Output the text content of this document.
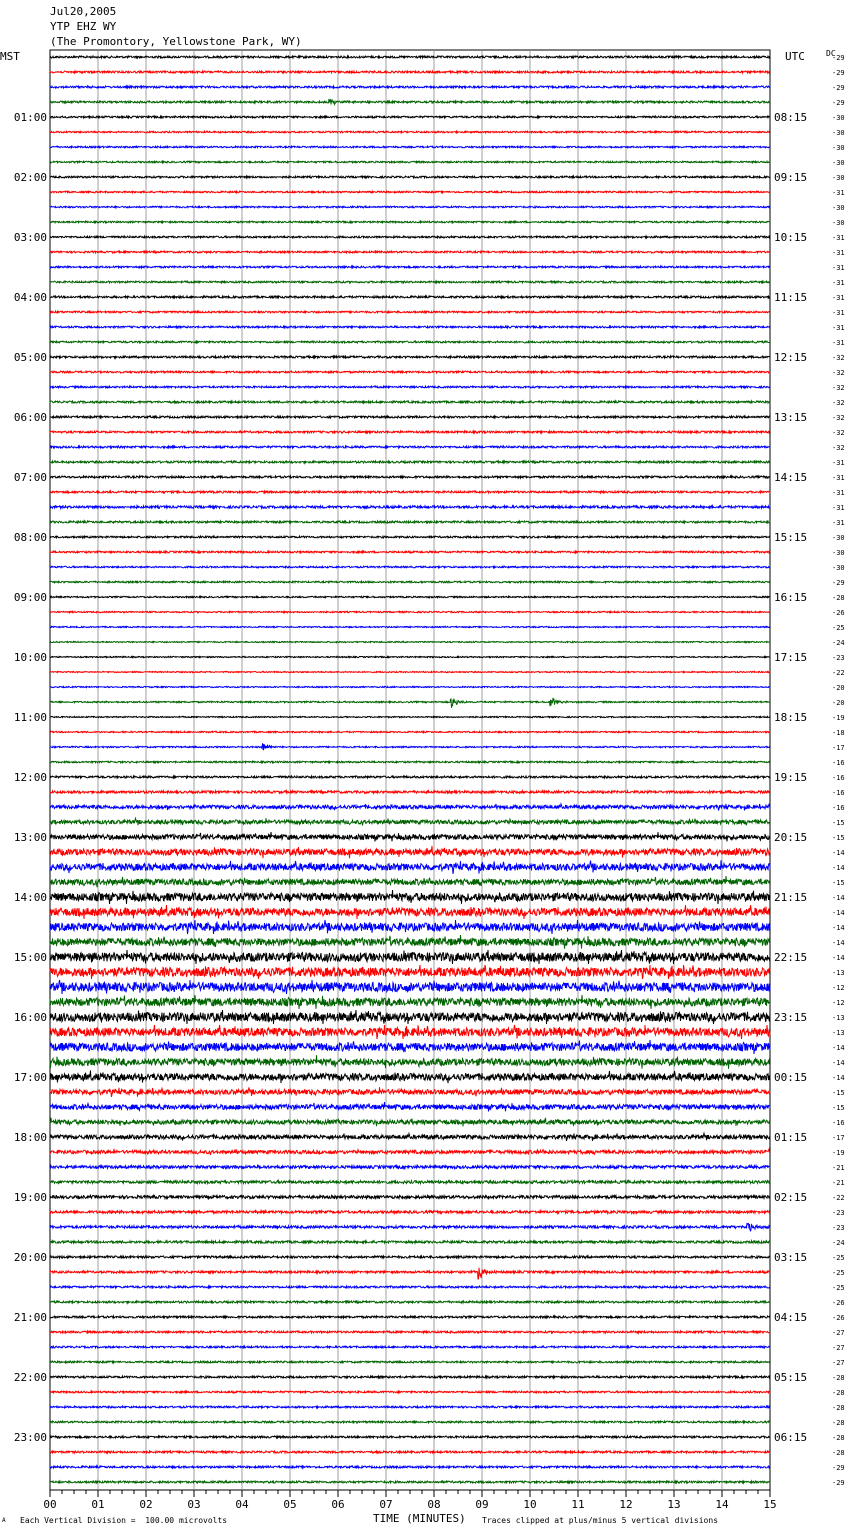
Jul20,2005
YTP EHZ WY
(The Promontory, Yellowstone Park, WY)
MST	UTC	DC
01:00	08:15
02:00	09:15
03:00	10:15
04:00	11:15
05:00	12:15
06:00	13:15
07:00	14:15
08:00	15:15
09:00	16:15
10:00	17:15
11:00	18:15
12:00	19:15
13:00	20:15
14:00	21:15
15:00	22:15
16:00	23:15
17:00	00:15
18:00	01:15
19:00	02:15
20:00	03:15
21:00	04:15
22:00	05:15
23:00	06:15
-29
-29
-29
-29
-30
-30
-30
-30
-30
-31
-30
-30
-31
-31
-31
-31
-31
-31
-31
-31
-32
-32
-32
-32
-32
-32
-32
-31
-31
-31
-31
-31
-30
-30
-30
-29
-28
-26
-25
-24
-23
-22
-20
-20
-19
-18
-17
-16
-16
-16
-16
-15
-15
-14
-14
-15
-14
-14
-14
-14
-14
-13
-12
-12
-13
-13
-14
-14
-14
-15
-15
-16
-17
-19
-21
-21
-22
-23
-23
-24
-25
-25
-25
-26
-26
-27
-27
-27
-28
-28
-28
-28
-28
-28
-29
-29
00	01	02	03	04	05	06	07	08	09	10	11	12	13	14	15
TIME (MINUTES)
A Each Vertical Division =  100.00 microvolts	Traces clipped at plus/minus 5 vertical divisions
